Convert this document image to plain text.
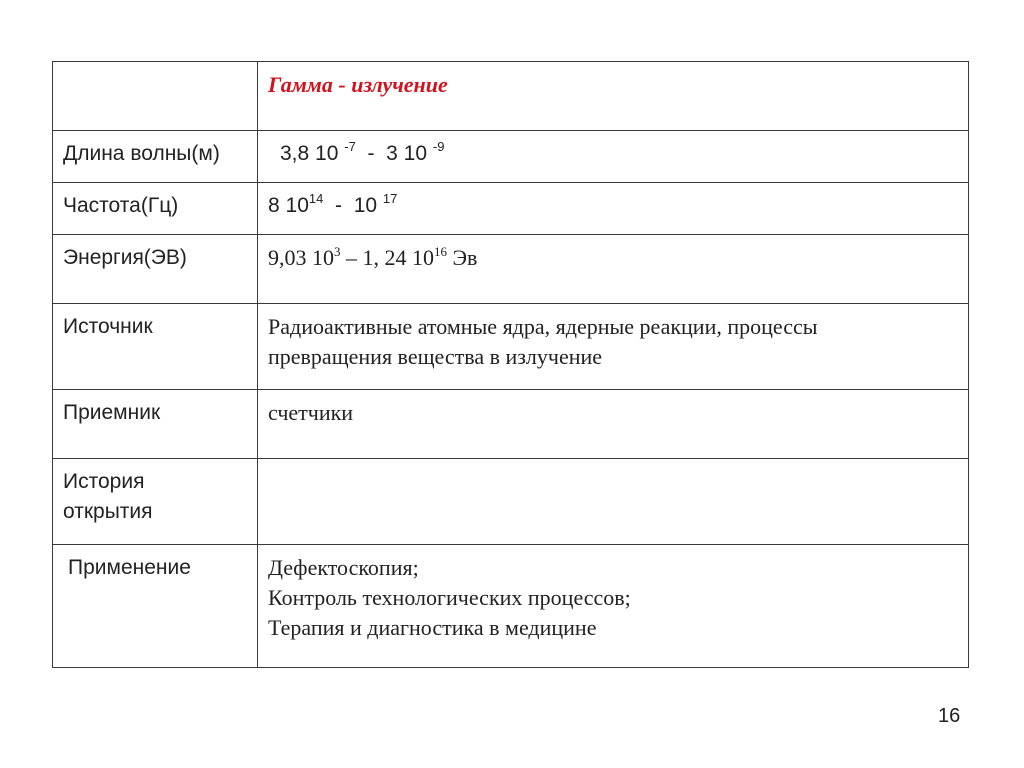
	Гамма - излучение

Длина волны(м)	3,8 10 $^{-7}$ - 3 10 $^{-9}$

Частота(Гц)	8 $10^{14} - 10$ $^{17}$

Энергия(ЭВ)	9,03 $10^3 - 1$, 24 $10^{16}$ Эв

Источник	Радиоактивные атомные ядра, ядерные реакции, процессы превращения вещества в излучение

Приемник	счетчики

История открытия	

Применение	Дефектоскопия;
Контроль технологических процессов;
Терапия и диагностика в медицине
16
